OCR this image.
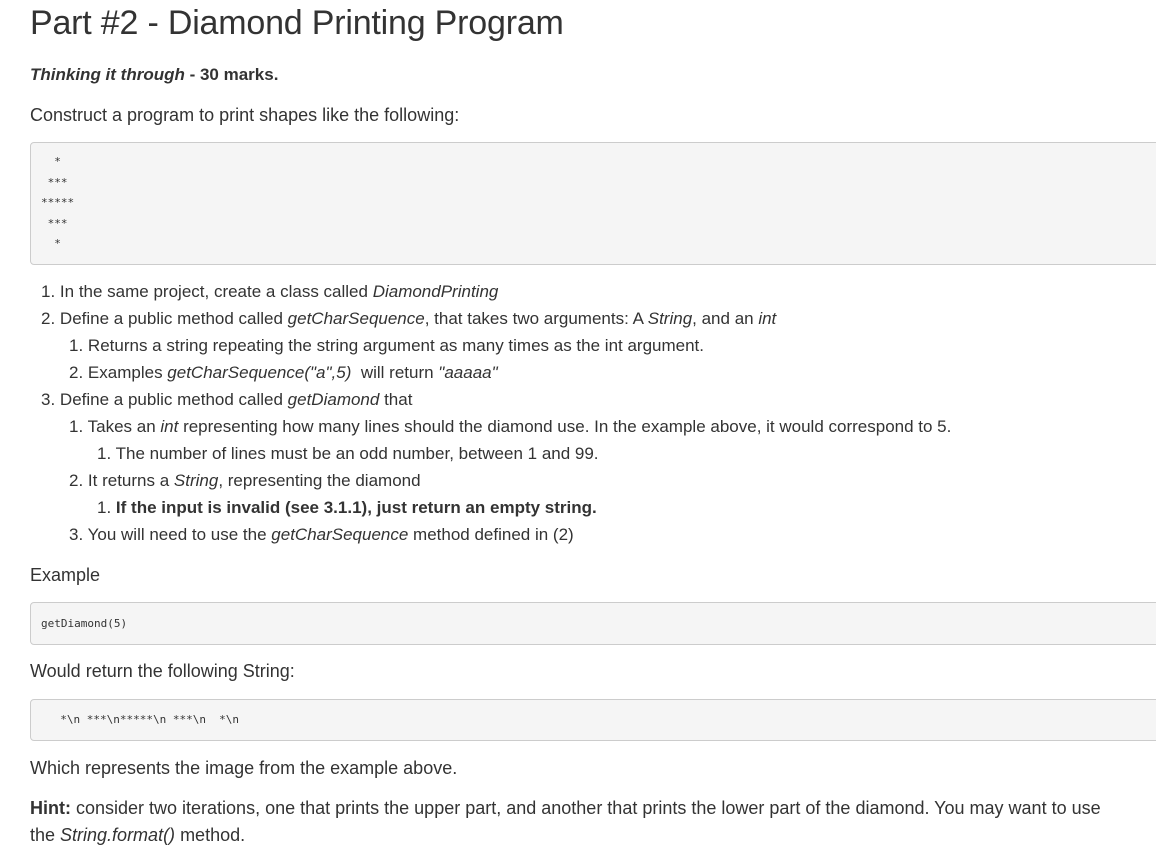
Part #2 - Diamond Printing Program
Thinking it through - 30 marks.
Construct a program to print shapes like the following:
*
***
*****
***
*
1. In the same project, create a class called DiamondPrinting
2. Define a public method called getCharSequence, that takes two arguments: A String, and an int
1. Returns a string repeating the string argument as many times as the int argument.
2. Examples getCharSequence("a",5)  will return "aaaaa"
3. Define a public method called getDiamond that
1. Takes an int representing how many lines should the diamond use. In the example above, it would correspond to 5.
1. The number of lines must be an odd number, between 1 and 99.
2. It returns a String, representing the diamond
1. If the input is invalid (see 3.1.1), just return an empty string.
3. You will need to use the getCharSequence method defined in (2)
Example
getDiamond(5)
Would return the following String:
*\n ***\n*****\n ***\n  *\n
Which represents the image from the example above.
Hint: consider two iterations, one that prints the upper part, and another that prints the lower part of the diamond. You may want to use
the String.format() method.
